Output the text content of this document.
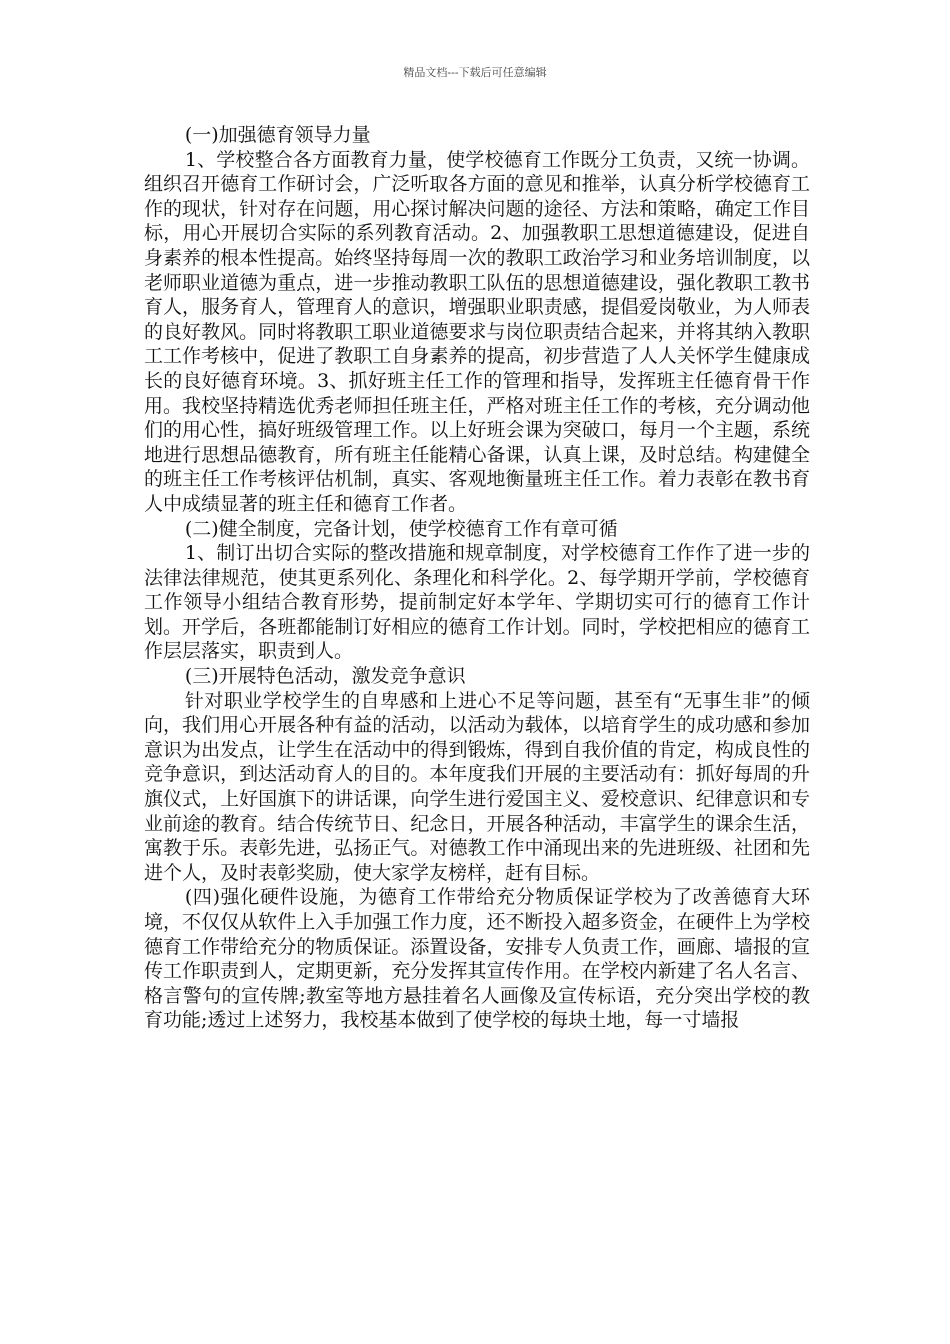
精品文档---下载后可任意编辑

(一)加强德育领导力量

1、学校整合各方面教育力量，使学校德育工作既分工负责，又统一协调。组织召开德育工作研讨会，广泛听取各方面的意见和推举，认真分析学校德育工作的现状，针对存在问题，用心探讨解决问题的途径、方法和策略，确定工作目标，用心开展切合实际的系列教育活动。2、加强教职工思想道德建设，促进自身素养的根本性提高。始终坚持每周一次的教职工政治学习和业务培训制度，以老师职业道德为重点，进一步推动教职工队伍的思想道德建设，强化教职工教书育人，服务育人，管理育人的意识，增强职业职责感，提倡爱岗敬业，为人师表的良好教风。同时将教职工职业道德要求与岗位职责结合起来，并将其纳入教职工工作考核中，促进了教职工自身素养的提高，初步营造了人人关怀学生健康成长的良好德育环境。3、抓好班主任工作的管理和指导，发挥班主任德育骨干作用。我校坚持精选优秀老师担任班主任，严格对班主任工作的考核，充分调动他们的用心性，搞好班级管理工作。以上好班会课为突破口，每月一个主题，系统地进行思想品德教育，所有班主任能精心备课，认真上课，及时总结。构建健全的班主任工作考核评估机制，真实、客观地衡量班主任工作。着力表彰在教书育人中成绩显著的班主任和德育工作者。

(二)健全制度，完备计划，使学校德育工作有章可循

1、制订出切合实际的整改措施和规章制度，对学校德育工作作了进一步的法律法律规范，使其更系列化、条理化和科学化。2、每学期开学前，学校德育工作领导小组结合教育形势，提前制定好本学年、学期切实可行的德育工作计划。开学后，各班都能制订好相应的德育工作计划。同时，学校把相应的德育工作层层落实，职责到人。

(三)开展特色活动，激发竞争意识

针对职业学校学生的自卑感和上进心不足等问题，甚至有“无事生非”的倾向，我们用心开展各种有益的活动，以活动为载体，以培育学生的成功感和参加意识为出发点，让学生在活动中的得到锻炼，得到自我价值的肯定，构成良性的竞争意识，到达活动育人的目的。本年度我们开展的主要活动有：抓好每周的升旗仪式，上好国旗下的讲话课，向学生进行爱国主义、爱校意识、纪律意识和专业前途的教育。结合传统节日、纪念日，开展各种活动，丰富学生的课余生活，寓教于乐。表彰先进，弘扬正气。对德教工作中涌现出来的先进班级、社团和先进个人，及时表彰奖励，使大家学友榜样，赶有目标。

(四)强化硬件设施，为德育工作带给充分物质保证学校为了改善德育大环境，不仅仅从软件上入手加强工作力度，还不断投入超多资金，在硬件上为学校德育工作带给充分的物质保证。添置设备，安排专人负责工作，画廊、墙报的宣传工作职责到人，定期更新，充分发挥其宣传作用。在学校内新建了名人名言、格言警句的宣传牌;教室等地方悬挂着名人画像及宣传标语，充分突出学校的教育功能;透过上述努力，我校基本做到了使学校的每块土地，每一寸墙报
